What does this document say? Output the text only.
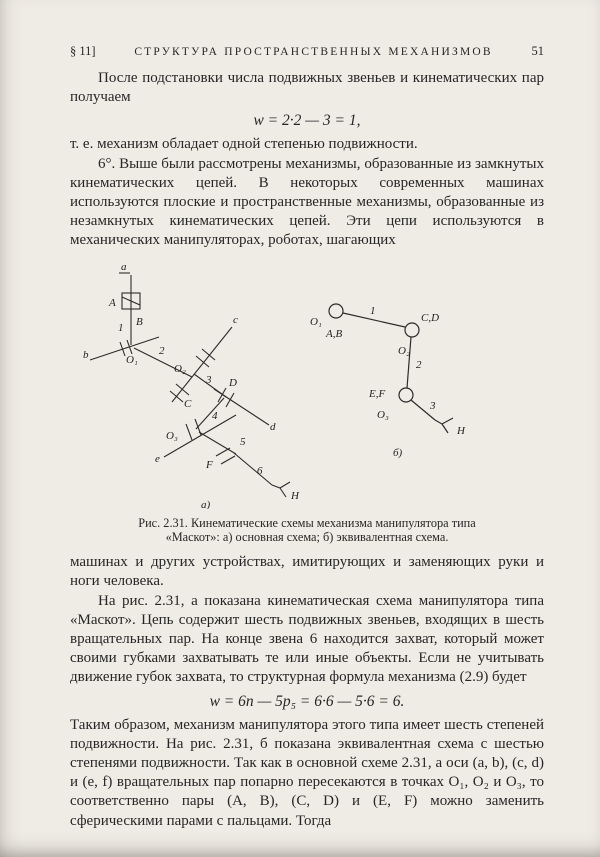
§ 11]	СТРУКТУРА ПРОСТРАНСТВЕННЫХ МЕХАНИЗМОВ	51

После подстановки числа подвижных звеньев и кинематических пар получаем

w = 2·2 — 3 = 1,

т. е. механизм обладает одной степенью подвижности.

6°. Выше были рассмотрены механизмы, образованные из замкнутых кинематических цепей. В некоторых современных машинах используются плоские и пространственные механизмы, образованные из незамкнутых кинематических цепей. Эти цепи используются в механических манипуляторах, роботах, шагающих

а
A
1 B
b	O₁
2
c
O₂
3
C
D
d
O₃
4
e
5
F	6
H
а)
O₁
A,B
1
C,D
O₂
2
E,F
O₃
3
H
б)
Рис. 2.31. Кинематические схемы механизма манипулятора типа
«Маскот»: а) основная схема; б) эквивалентная схема.

машинах и других устройствах, имитирующих и заменяющих руки и ноги человека.

На рис. 2.31, а показана кинематическая схема манипулятора типа «Маскот». Цепь содержит шесть подвижных звеньев, входящих в шесть вращательных пар. На конце звена 6 находится захват, который может своими губками захватывать те или иные объекты. Если не учитывать движение губок захвата, то структурная формула механизма (2.9) будет

w = 6n — 5p₅ = 6·6 — 5·6 = 6.

Таким образом, механизм манипулятора этого типа имеет шесть степеней подвижности. На рис. 2.31, б показана эквивалентная схема с шестью степенями подвижности. Так как в основной схеме 2.31, а оси (a, b), (c, d) и (e, f) вращательных пар попарно пересекаются в точках O₁, O₂ и O₃, то соответственно пары (A, B), (C, D) и (E, F) можно заменить сферическими парами с пальцами. Тогда
